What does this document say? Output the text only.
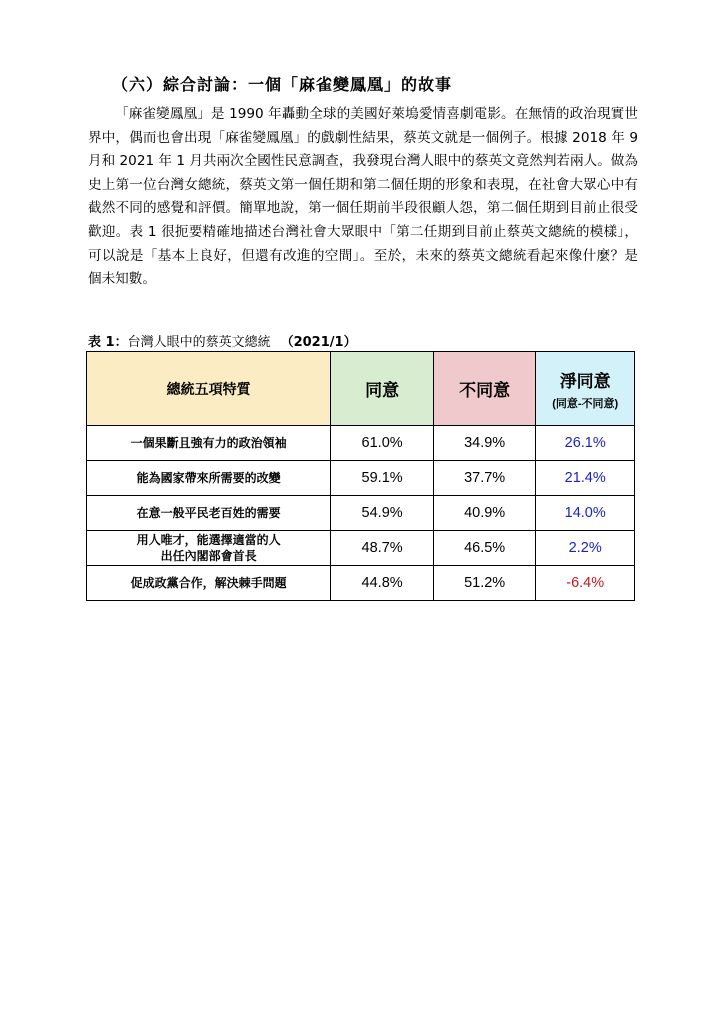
（六）綜合討論：一個「麻雀變鳳凰」的故事

「麻雀變鳳凰」是 1990 年轟動全球的美國好萊塢愛情喜劇電影。在無情的政治現實世界中，偶而也會出現「麻雀變鳳凰」的戲劇性結果，蔡英文就是一個例子。根據 2018 年 9 月和 2021 年 1 月共兩次全國性民意調查，我發現台灣人眼中的蔡英文竟然判若兩人。做為史上第一位台灣女總統，蔡英文第一個任期和第二個任期的形象和表現，在社會大眾心中有截然不同的感覺和評價。簡單地說，第一個任期前半段很顧人怨，第二個任期到目前止很受歡迎。表 1 很扼要精確地描述台灣社會大眾眼中「第二任期到目前止蔡英文總統的模樣」，可以說是「基本上良好，但還有改進的空間」。至於，未來的蔡英文總統看起來像什麼？是個未知數。

表 1：台灣人眼中的蔡英文總統 （2021/1）
總統五項特質	同意	不同意	淨同意
(同意-不同意)

一個果斷且強有力的政治領袖	61.0%	34.9%	26.1%
能為國家帶來所需要的改變	59.1%	37.7%	21.4%
在意一般平民老百姓的需要	54.9%	40.9%	14.0%
用人唯才，能選擇適當的人
出任內閣部會首長	48.7%	46.5%	2.2%
促成政黨合作，解決棘手問題	44.8%	51.2%	-6.4%
